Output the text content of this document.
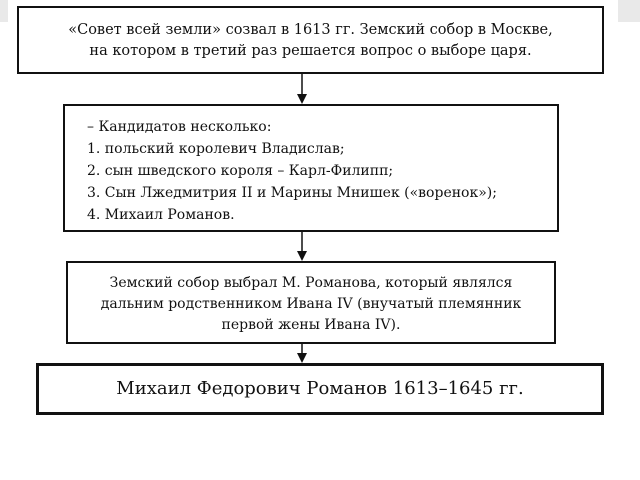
«Совет всей земли» созвал в 1613 гг. Земский собор в Москве,
на котором в третий раз решается вопрос о выборе царя.
– Кандидатов несколько:
1. польский королевич Владислав;
2. сын шведского короля – Карл-Филипп;
3. Сын Лжедмитрия II и Марины Мнишек («воренок»);
4. Михаил Романов.
Земский собор выбрал М. Романова, который являлся
дальним родственником Ивана IV (внучатый племянник
первой жены Ивана IV).
Михаил Федорович Романов 1613–1645 гг.
